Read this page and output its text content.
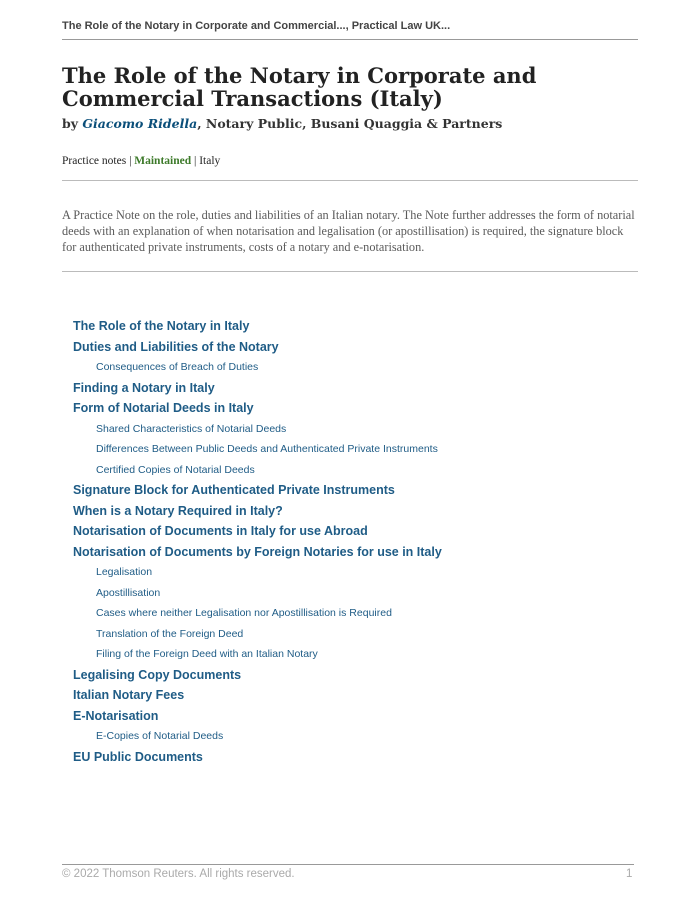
The Role of the Notary in Corporate and Commercial..., Practical Law UK...
The Role of the Notary in Corporate and Commercial Transactions (Italy)
by Giacomo Ridella, Notary Public, Busani Quaggia & Partners
Practice notes | Maintained | Italy

A Practice Note on the role, duties and liabilities of an Italian notary. The Note further addresses the form of notarial deeds with an explanation of when notarisation and legalisation (or apostillisation) is required, the signature block for authenticated private instruments, costs of a notary and e-notarisation.

The Role of the Notary in Italy
Duties and Liabilities of the Notary
Consequences of Breach of Duties
Finding a Notary in Italy
Form of Notarial Deeds in Italy
Shared Characteristics of Notarial Deeds
Differences Between Public Deeds and Authenticated Private Instruments
Certified Copies of Notarial Deeds
Signature Block for Authenticated Private Instruments
When is a Notary Required in Italy?
Notarisation of Documents in Italy for use Abroad
Notarisation of Documents by Foreign Notaries for use in Italy
Legalisation
Apostillisation
Cases where neither Legalisation nor Apostillisation is Required
Translation of the Foreign Deed
Filing of the Foreign Deed with an Italian Notary
Legalising Copy Documents
Italian Notary Fees
E-Notarisation
E-Copies of Notarial Deeds
EU Public Documents
© 2022 Thomson Reuters. All rights reserved.	1
